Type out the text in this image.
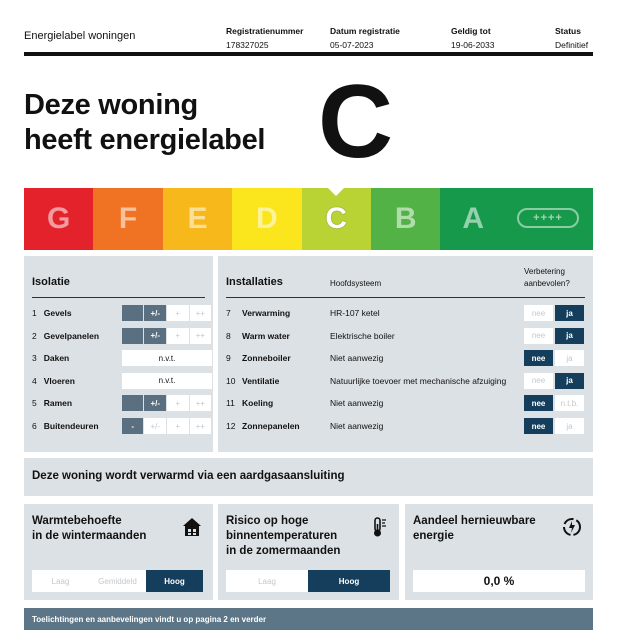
Energielabel woningen	Registratienummer
178327025
Datum registratie
05-07-2023
Geldig tot
19-06-2033
Status
Definitief
Deze woning
heeft energielabel C
G F E D C B A	++++
Isolatie
1 Gevels	+/-	+	++
2 Gevelpanelen	+/-	+	++
3 Daken	n.v.t.
4 Vloeren	n.v.t.
5 Ramen	+/-	+	++
6 Buitendeuren	-	+/-	+	++
Installaties	Hoofdsysteem
Verbetering
aanbevolen?
7	Verwarming	HR-107 ketel	nee	ja
8	Warm water	Elektrische boiler	nee	ja
9	Zonneboiler	Niet aanwezig	nee	ja
10 Ventilatie	Natuurlijke toevoer met mechanische afzuiging	nee	ja
11 Koeling	Niet aanwezig	nee	n.t.b.
12 Zonnepanelen	Niet aanwezig	nee	ja
Deze woning wordt verwarmd via een aardgasaansluiting
Warmtebehoefte
in de wintermaanden
Laag	Gemiddeld	Hoog
Risico op hoge
binnentemperaturen
in de zomermaanden
Laag	Hoog
Aandeel hernieuwbare
energie
0,0 %
Toelichtingen en aanbevelingen vindt u op pagina 2 en verder
